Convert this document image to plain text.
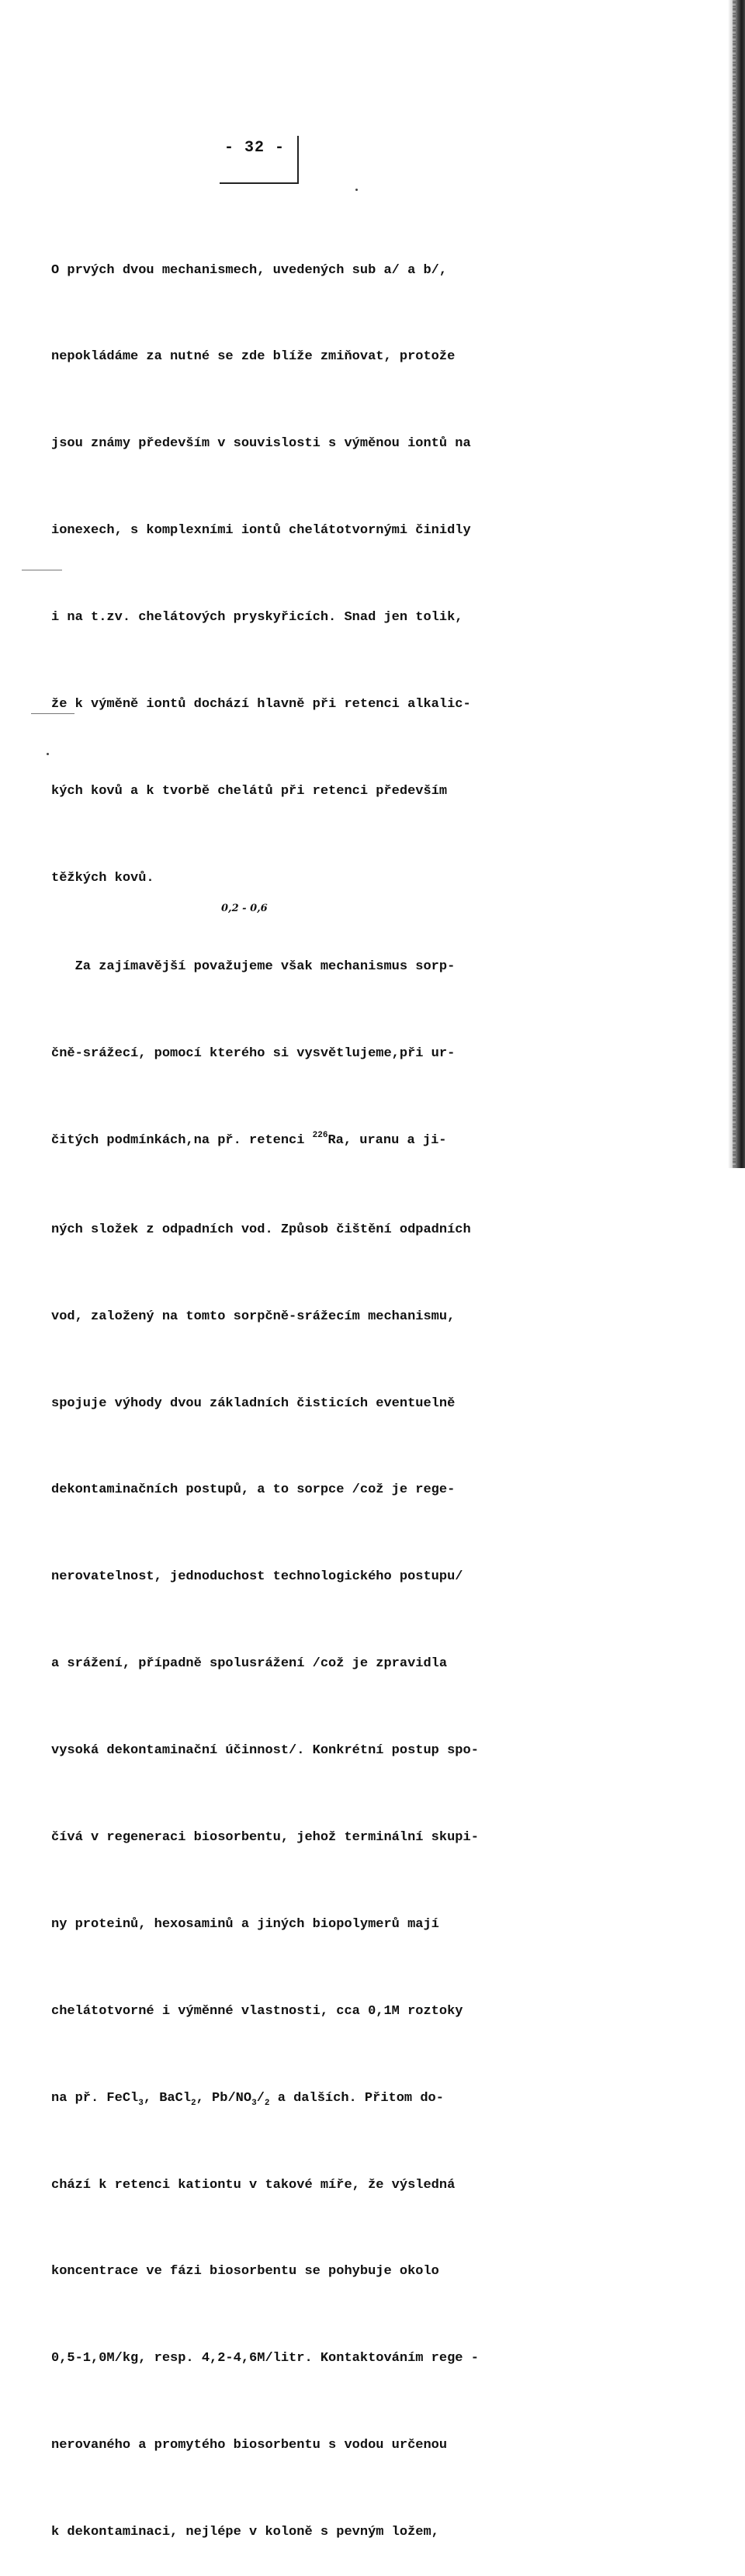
- 32 -

O prvých dvou mechanismech, uvedených sub a/ a b/,

nepokládáme za nutné se zde blíže zmiňovat, protože

jsou známy především v souvislosti s výměnou iontů na

ionexech, s komplexními iontů chelátotvornými činidly

i na t.zv. chelátových pryskyřicích. Snad jen tolik,

že k výměně iontů dochází hlavně při retenci alkalic-

kých kovů a k tvorbě chelátů při retenci především

těžkých kovů.

Za zajímavější považujeme však mechanismus sorp-

čně-srážecí, pomocí kterého si vysvětlujeme,při ur-

čitých podmínkách,na př. retenci $^{226}$Ra, uranu a ji-

ných složek z odpadních vod. Způsob čištění odpadních

vod, založený na tomto sorpčně-srážecím mechanismu,

spojuje výhody dvou základních čisticích eventuelně

dekontaminačních postupů, a to sorpce /což je rege-

nerovatelnost, jednoduchost technologického postupu/

a srážení, případně spolusrážení /což je zpravidla

vysoká dekontaminační účinnost/. Konkrétní postup spo-

čívá v regeneraci biosorbentu, jehož terminální skupi-

ny proteinů, hexosaminů a jiných biopolymerů mají

chelátotvorné i výměnné vlastnosti, cca 0,1M roztoky

na př. FeCl$_3$, BaCl$_2$, $Pb/NO_3/_2$ a dalších. Přitom do-

chází k retenci kationtu v takové míře, že výsledná

koncentrace ve fázi biosorbentu se pohybuje okolo

0,5-1,0M/kg, resp. 4,2-4,6M/litr. Kontaktováním rege -

nerovaného a promytého biosorbentu s vodou určenou

k dekontaminaci, nejlépe v koloně s pevným ložem,

0,2 - 0,6
